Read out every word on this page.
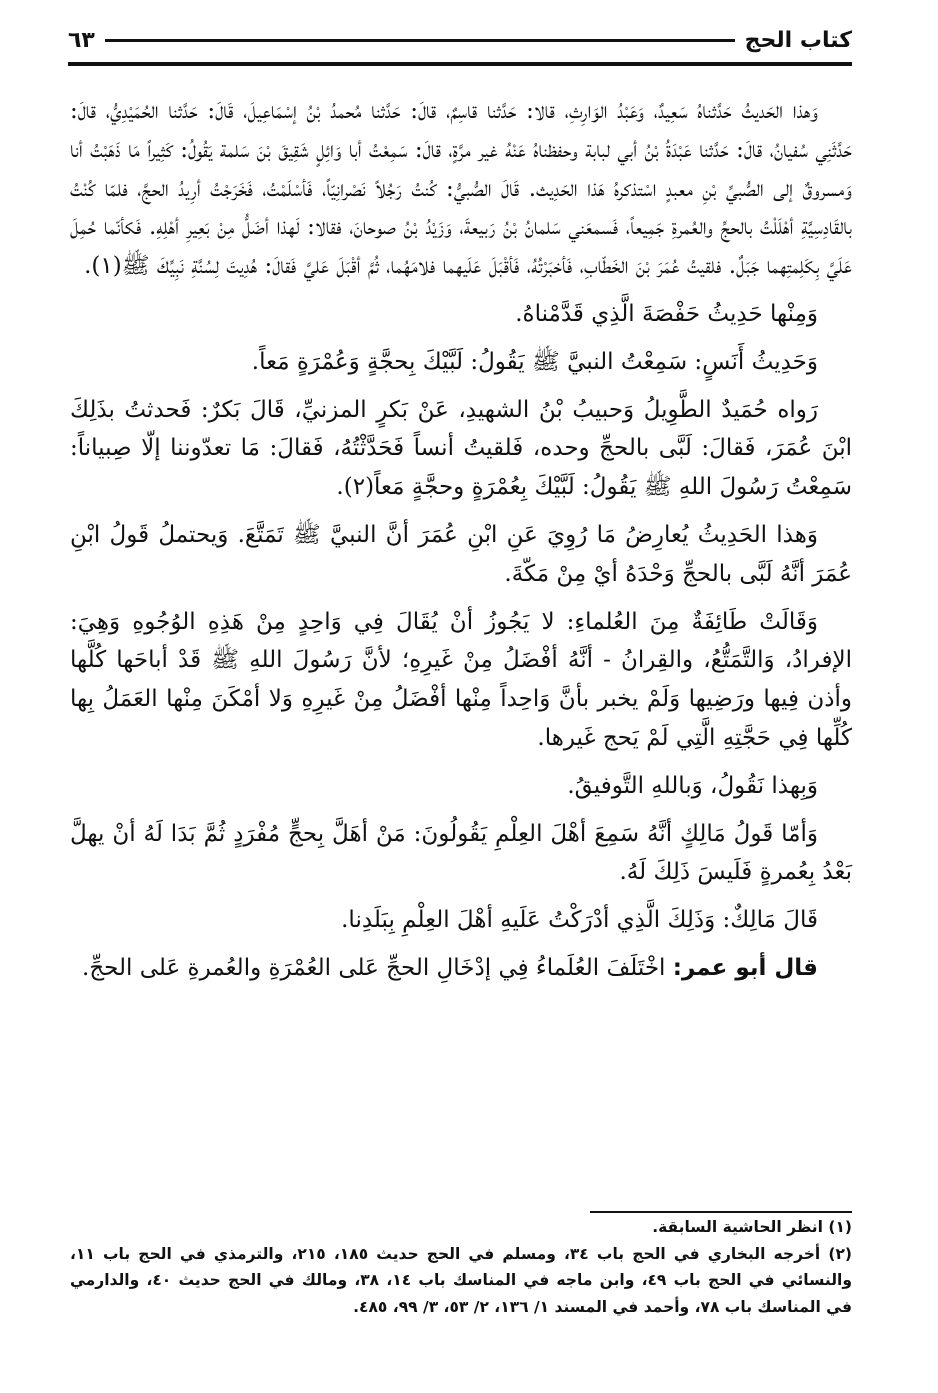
كتاب الحج
٦٣

وَهذا الحَديثُ حَدَّثناهُ سَعِيدٌ، وَعَبْدُ الوَارِثِ، قالا: حَدَّثنا قاسِمٌ، قالَ: حَدَّثنا مُحمدُ بْنُ إسْمَاعِيلَ، قَالَ: حَدَّثنا الحُمَيْدِيُّ، قالَ: حَدَّثَنِي سُفيانُ، قالَ: حَدَّثنا عَبْدَةُ بْنُ أبي لبابة وحفظناهُ عَنْهُ غير مرَّةٍ، قالَ: سَمِعْتُ أبا وَائِلٍ شَقِيقَ بْنَ سَلمة يَقُولُ: كَثِيراً مَا ذَهَبْتُ أنا وَمسروقٌ إلى الصُّبيِّ بْنِ معبدٍ اسْتذكرهُ هَذا الحَدِيث. قَالَ الصُّبيُّ: كُنتُ رَجُلاً نَصْرانِيّاً، فَأسْلَمْتُ، فَخَرَجْتُ أرِيدُ الحجَّ، فلمّا كُنْتُ بالقَادِسِيَّةِ أهْلَلْتُ بالحجِّ والعُمرةِ جَمِيعاً، فَسمعَني سَلمانُ بْنُ رَبيعةَ، وَزَيْدُ بْنُ صوحانَ، فقالا: لَهذا أضَلُّ مِنْ بَعِيرِ أهْلِهِ. فَكأنّما حُمِلَ عَلَيَّ بِكَلِمتِهما جَبَلٌ. فلقيتُ عُمَرَ بْنَ الخَطّابِ، فَأخبَرْتُهُ، فَأقْبَلَ عَلَيهما فلامَهُما، ثُمَّ أقْبَلَ عَليَّ فَقالَ: هُدِيتَ لِسُنَّةِ نَبِيِّكَ ﷺ(١).

وَمِنْها حَدِيثُ حَفْصَةَ الَّذِي قَدَّمْناهُ.

وَحَدِيثُ أَنَسٍ: سَمِعْتُ النبيَّ ﷺ يَقُولُ: لَبَّيْكَ بِحجَّةٍ وَعُمْرَةٍ مَعاً.

رَواه حُمَيدٌ الطَّوِيلُ وَحبيبُ بْنُ الشهيدِ، عَنْ بَكرٍ المزنيِّ، قَالَ بَكرٌ: فَحدثتُ بذَلِكَ ابْنَ عُمَرَ، فَقالَ: لَبَّى بالحجِّ وحده، فَلقيتُ أنساً فَحَدَّثْتُهُ، فَقالَ: مَا تعدّوننا إلّا صِبياناً: سَمِعْتُ رَسُولَ اللهِ ﷺ يَقُولُ: لَبَّيْكَ بِعُمْرَةٍ وحجَّةٍ مَعاً(٢).

وَهذا الحَدِيثُ يُعارِضُ مَا رُوِيَ عَنِ ابْنِ عُمَرَ أنَّ النبيَّ ﷺ تَمَتَّعَ. وَيحتملُ قَولُ ابْنِ عُمَرَ أنَّهُ لَبَّى بالحجِّ وَحْدَهُ أيْ مِنْ مَكّةَ.

وَقَالَتْ طَائِفَةٌ مِنَ العُلماءِ: لا يَجُوزُ أنْ يُقَالَ فِي وَاحِدٍ مِنْ هَذِهِ الوُجُوهِ وَهِيَ: الإفرادُ، وَالتَّمَتُّعُ، والقِرانُ - أنَّهُ أفْضَلُ مِنْ غَيرِهِ؛ لأنَّ رَسُولَ اللهِ ﷺ قَدْ أباحَها كُلَّها وأذن فِيها ورَضِيها وَلَمْ يخبر بأنَّ وَاحِداً مِنْها أفْضَلُ مِنْ غَيرِهِ وَلا أمْكَنَ مِنْها العَمَلُ بِها كُلِّها فِي حَجَّتِهِ الَّتِي لَمْ يَحج غَيرها.

وَبِهذا نَقُولُ، وَباللهِ التَّوفيقُ.

وَأمّا قَولُ مَالِكٍ أنَّهُ سَمِعَ أهْلَ العِلْمِ يَقُولُونَ: مَنْ أهَلَّ بِحجٍّ مُفْرَدٍ ثُمَّ بَدَا لَهُ أنْ يهلَّ بَعْدُ بِعُمرةٍ فَلَيسَ ذَلِكَ لَهُ.

قَالَ مَالِكٌ: وَذَلِكَ الَّذِي أدْرَكْتُ عَلَيهِ أهْلَ العِلْمِ بِبَلَدِنا.

قال أبو عمر: اخْتَلَفَ العُلَماءُ فِي إدْخَالِ الحجِّ عَلى العُمْرَةِ والعُمرةِ عَلى الحجِّ.

(١) انظر الحاشية السابقة.

(٢) أخرجه البخاري في الحج باب ٣٤، ومسلم في الحج حديث ١٨٥، ٢١٥، والترمذي في الحج باب ١١، والنسائي في الحج باب ٤٩، وابن ماجه في المناسك باب ١٤، ٣٨، ومالك في الحج حديث ٤٠، والدارمي في المناسك باب ٧٨، وأحمد في المسند ١/ ١٣٦، ٢/ ٥٣، ٣/ ٩٩، ٤٨٥.
